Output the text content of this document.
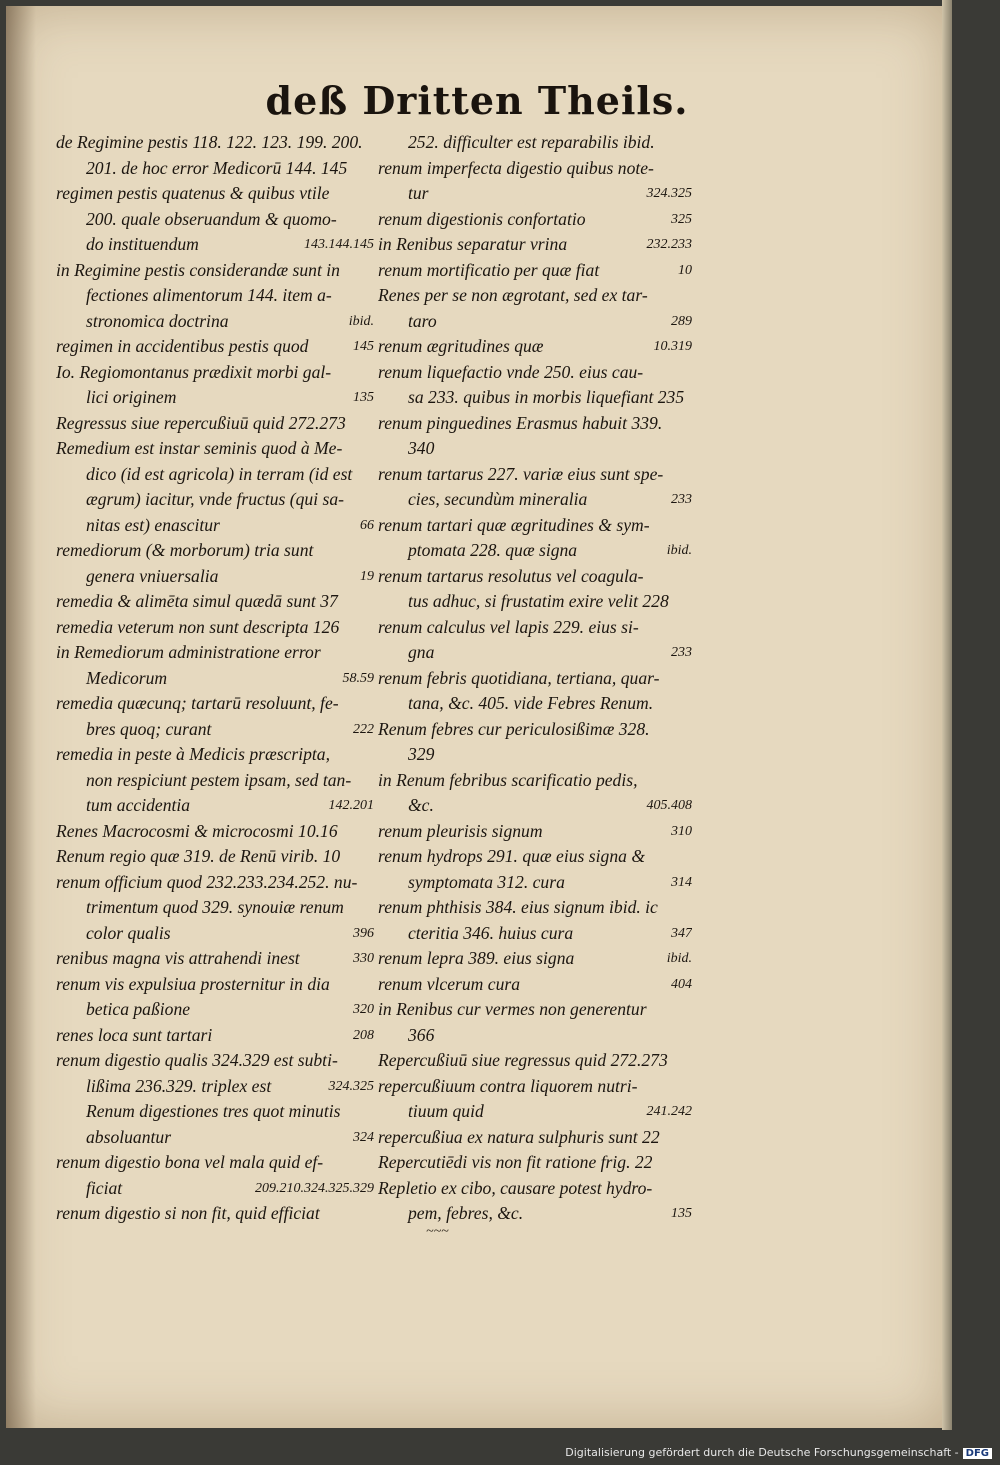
deß Dritten Theils.
de Regimine pestis 118. 122. 123. 199. 200.
201. de hoc error Medicorū 144. 145
regimen pestis quatenus & quibus vtile
200. quale obseruandum & quomo-
do instituendum	143.144.145
in Regimine pestis considerandæ sunt in
fectiones alimentorum 144. item a-
stronomica doctrina	ibid.
regimen in accidentibus pestis quod	145
Io. Regiomontanus prædixit morbi gal-
lici originem	135
Regressus siue repercußiuū quid 272.273
Remedium est instar seminis quod à Me-
dico (id est agricola) in terram (id est
ægrum) iacitur, vnde fructus (qui sa-
nitas est) enascitur	66
remediorum (& morborum) tria sunt
genera vniuersalia	19
remedia & alimēta simul quædā sunt 37
remedia veterum non sunt descripta 126
in Remediorum administratione error
Medicorum	58.59
remedia quæcunq; tartarū resoluunt, fe-
bres quoq; curant	222
remedia in peste à Medicis præscripta,
non respiciunt pestem ipsam, sed tan-
tum accidentia	142.201
Renes Macrocosmi & microcosmi 10.16
Renum regio quæ 319. de Renū virib. 10
renum officium quod 232.233.234.252. nu-
trimentum quod 329. synouiæ renum
color qualis	396
renibus magna vis attrahendi inest	330
renum vis expulsiua prosternitur in dia
betica paßione	320
renes loca sunt tartari	208
renum digestio qualis 324.329 est subti-
lißima 236.329. triplex est	324.325
Renum digestiones tres quot minutis
absoluantur	324
renum digestio bona vel mala quid ef-
ficiat	209.210.324.325.329
renum digestio si non fit, quid efficiat
252. difficulter est reparabilis ibid.
renum imperfecta digestio quibus note-
tur	324.325
renum digestionis confortatio	325
in Renibus separatur vrina	232.233
renum mortificatio per quæ fiat	10
Renes per se non ægrotant, sed ex tar-
taro	289
renum ægritudines quæ	10.319
renum liquefactio vnde 250. eius cau-
sa 233. quibus in morbis liquefiant 235
renum pinguedines Erasmus habuit 339.
340
renum tartarus 227. variæ eius sunt spe-
cies, secundùm mineralia	233
renum tartari quæ ægritudines & sym-
ptomata 228. quæ signa	ibid.
renum tartarus resolutus vel coagula-
tus adhuc, si frustatim exire velit 228
renum calculus vel lapis 229. eius si-
gna	233
renum febris quotidiana, tertiana, quar-
tana, &c. 405. vide Febres Renum.
Renum febres cur periculosißimæ 328.
329
in Renum febribus scarificatio pedis,
&c.	405.408
renum pleurisis signum	310
renum hydrops 291. quæ eius signa &
symptomata 312. cura	314
renum phthisis 384. eius signum ibid. ic
cteritia 346. huius cura	347
renum lepra 389. eius signa	ibid.
renum vlcerum cura	404
in Renibus cur vermes non generentur
366
Repercußiuū siue regressus quid 272.273
repercußiuum contra liquorem nutri-
tiuum quid	241.242
repercußiua ex natura sulphuris sunt 22
Repercutiēdi vis non fit ratione frig. 22
Repletio ex cibo, causare potest hydro-
pem, febres, &c.	135
~~~
Digitalisierung gefördert durch die Deutsche Forschungsgemeinschaft - DFG
